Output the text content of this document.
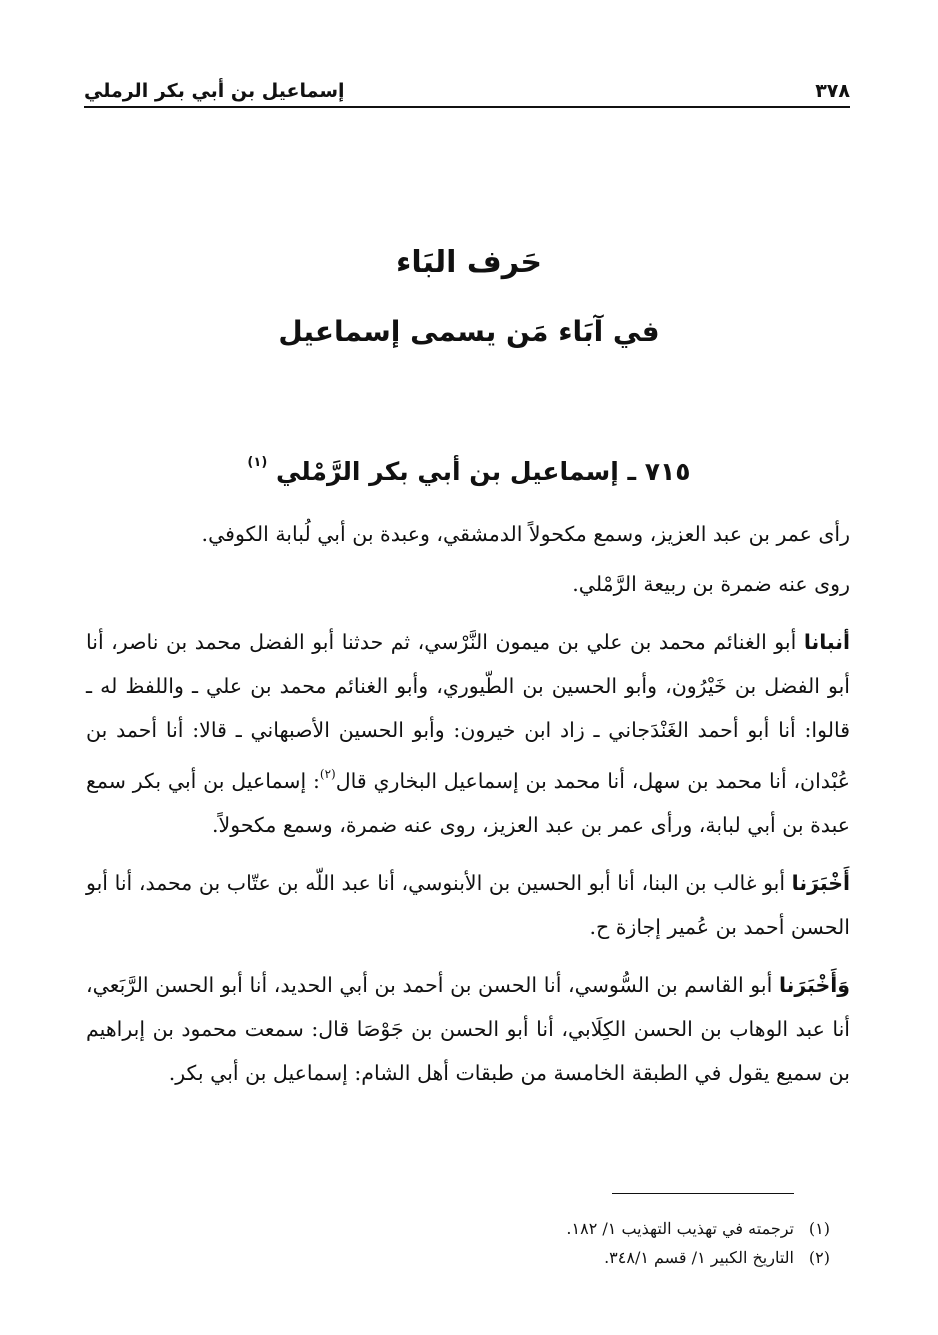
٣٧٨
إسماعيل بن أبي بكر الرملي
حَرف البَاء
في آبَاء مَن يسمى إسماعيل
٧١٥ ـ إسماعيل بن أبي بكر الرَّمْلي $^{(١)}$

رأى عمر بن عبد العزيز، وسمع مكحولاً الدمشقي، وعبدة بن أبي لُبابة الكوفي.

روى عنه ضمرة بن ربيعة الرَّمْلي.

أنبانا أبو الغنائم محمد بن علي بن ميمون النَّرْسي، ثم حدثنا أبو الفضل محمد بن ناصر، أنا أبو الفضل بن خَيْرُون، وأبو الحسين بن الطّيوري، وأبو الغنائم محمد بن علي ـ واللفظ له ـ قالوا: أنا أبو أحمد الغَنْدَجاني ـ زاد ابن خيرون: وأبو الحسين الأصبهاني ـ قالا: أنا أحمد بن عُبْدان، أنا محمد بن سهل، أنا محمد بن إسماعيل البخاري قال$^{(٢)}$: إسماعيل بن أبي بكر سمع عبدة بن أبي لبابة، ورأى عمر بن عبد العزيز، روى عنه ضمرة، وسمع مكحولاً.

أَخْبَرَنا أبو غالب بن البنا، أنا أبو الحسين بن الأبنوسي، أنا عبد اللّه بن عتّاب بن محمد، أنا أبو الحسن أحمد بن عُمير إجازة ح.

وَأَخْبَرَنا أبو القاسم بن السُّوسي، أنا الحسن بن أحمد بن أبي الحديد، أنا أبو الحسن الرَّبَعي، أنا عبد الوهاب بن الحسن الكِلَابي، أنا أبو الحسن بن جَوْصَا قال: سمعت محمود بن إبراهيم بن سميع يقول في الطبقة الخامسة من طبقات أهل الشام: إسماعيل بن أبي بكر.

(١)
ترجمته في تهذيب التهذيب ١/ ١٨٢.
(٢)
التاريخ الكبير ١/ قسم ٣٤٨/١.
